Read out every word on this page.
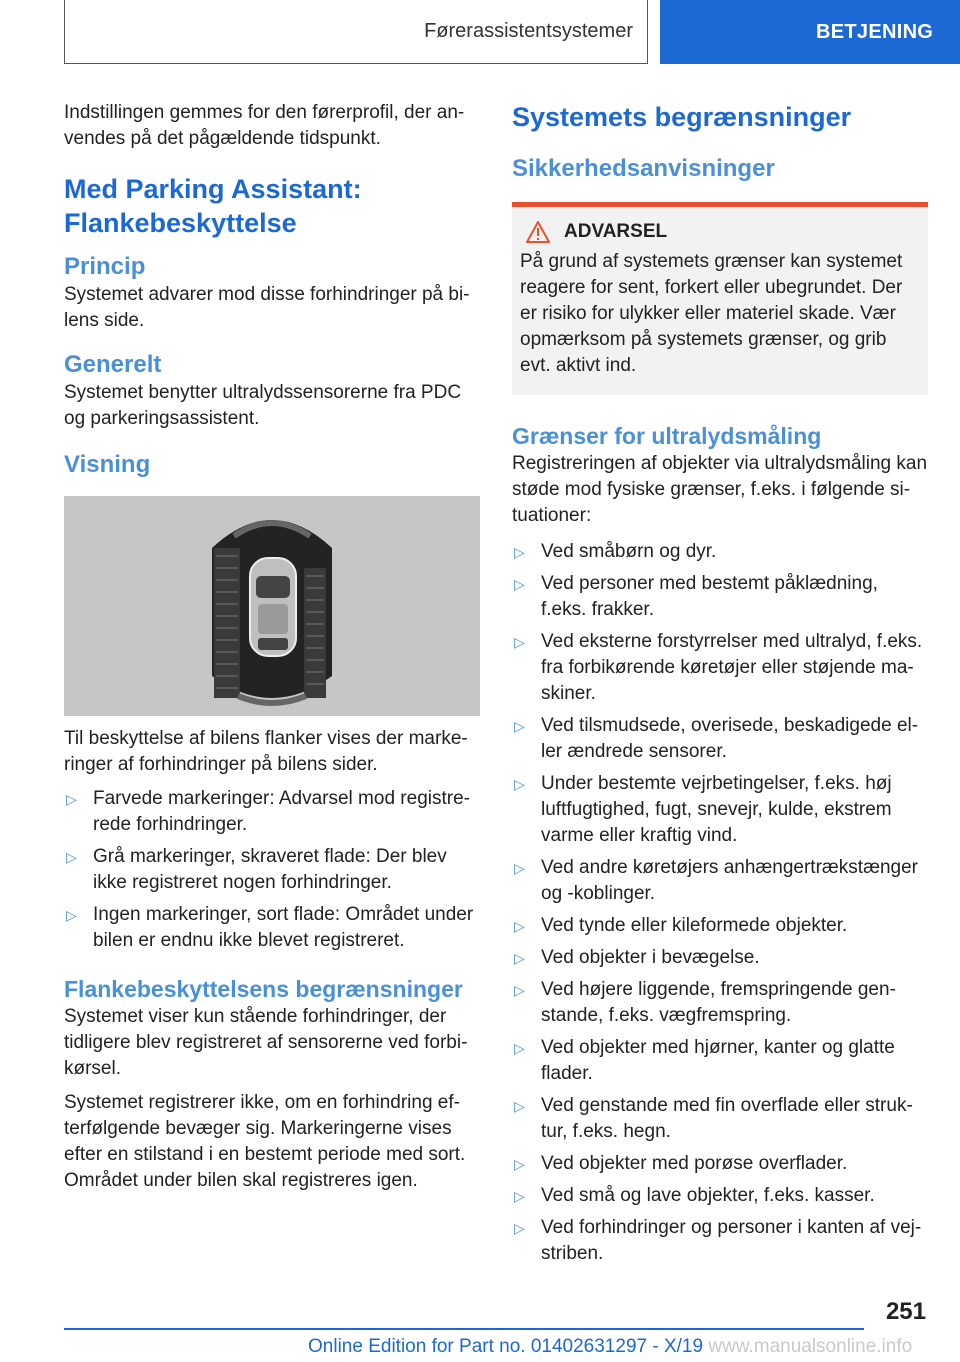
Førerassistentsystemer	BETJENING

Indstillingen gemmes for den førerprofil, der an-vendes på det pågældende tidspunkt.

Med Parking Assistant: Flankebeskyttelse
Princip

Systemet advarer mod disse forhindringer på bi-lens side.

Generelt

Systemet benytter ultralydssensorerne fra PDC og parkeringsassistent.

Visning

Til beskyttelse af bilens flanker vises der marke-ringer af forhindringer på bilens sider.

▷ Farvede markeringer: Advarsel mod registre-rede forhindringer.
▷ Grå markeringer, skraveret flade: Der blev ikke registreret nogen forhindringer.
▷ Ingen markeringer, sort flade: Området under bilen er endnu ikke blevet registreret.
Flankebeskyttelsens begrænsninger

Systemet viser kun stående forhindringer, der tidligere blev registreret af sensorerne ved forbi-kørsel.

Systemet registrerer ikke, om en forhindring ef-terfølgende bevæger sig. Markeringerne vises efter en stilstand i en bestemt periode med sort. Området under bilen skal registreres igen.

Systemets begrænsninger
Sikkerhedsanvisninger
ADVARSEL

På grund af systemets grænser kan systemet reagere for sent, forkert eller ubegrundet. Der er risiko for ulykker eller materiel skade. Vær opmærksom på systemets grænser, og grib evt. aktivt ind.

Grænser for ultralydsmåling

Registreringen af objekter via ultralydsmåling kan støde mod fysiske grænser, f.eks. i følgende si-tuationer:

▷ Ved småbørn og dyr.
▷ Ved personer med bestemt påklædning, f.eks. frakker.
▷ Ved eksterne forstyrrelser med ultralyd, f.eks. fra forbikørende køretøjer eller støjende ma-skiner.
▷ Ved tilsmudsede, overisede, beskadigede el-ler ændrede sensorer.
▷ Under bestemte vejrbetingelser, f.eks. høj luftfugtighed, fugt, snevejr, kulde, ekstrem varme eller kraftig vind.
▷ Ved andre køretøjers anhængertrækstænger og -koblinger.
▷ Ved tynde eller kileformede objekter.
▷ Ved objekter i bevægelse.
▷ Ved højere liggende, fremspringende gen-stande, f.eks. vægfremspring.
▷ Ved objekter med hjørner, kanter og glatte flader.
▷ Ved genstande med fin overflade eller struk-tur, f.eks. hegn.
▷ Ved objekter med porøse overflader.
▷ Ved små og lave objekter, f.eks. kasser.
▷ Ved forhindringer og personer i kanten af vej-striben.
251
Online Edition for Part no. 01402631297 - X/19 www.manualsonline.info
